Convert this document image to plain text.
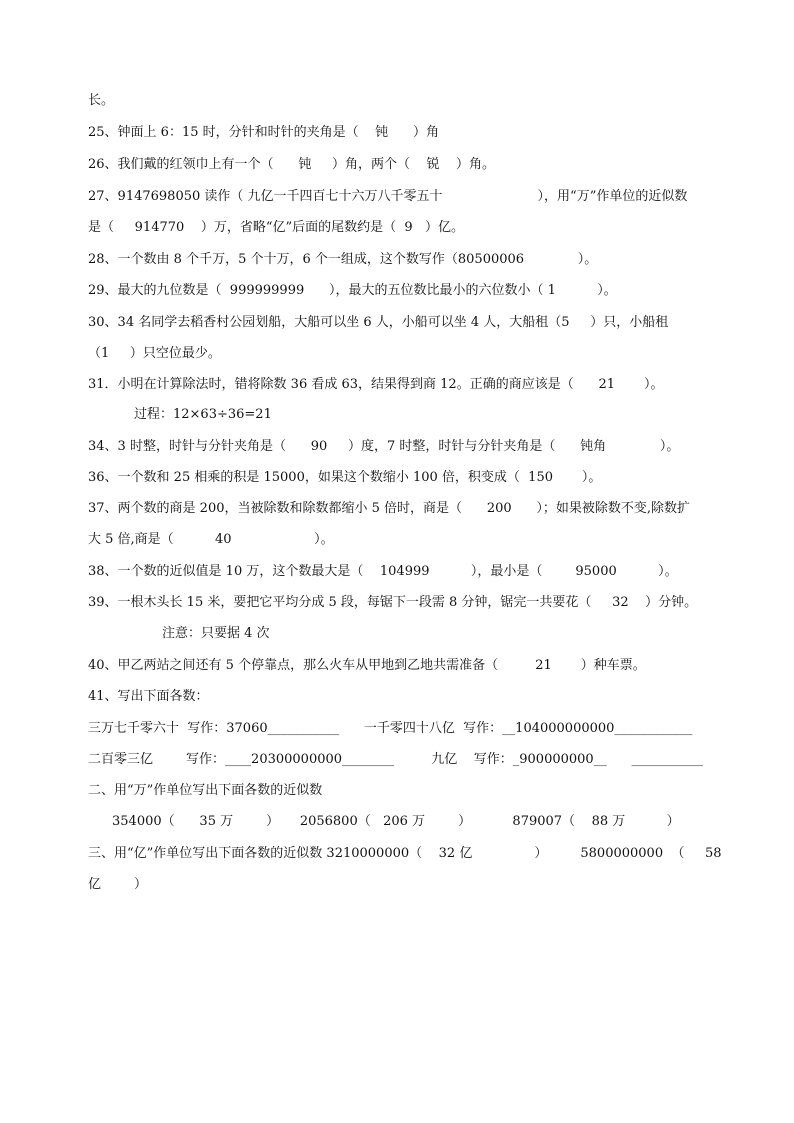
长。
25、钟面上 6：15 时，分针和时针的夹角是（    钝      ）角
26、我们戴的红领巾上有一个（      钝     ）角，两个（    锐    ）角。
27、9147698050 读作（ 九亿一千四百七十六万八千零五十                       ），用“万”作单位的近似数
是（     914770    ）万，省略“亿”后面的尾数约是（  9   ）亿。
28、一个数由 8 个千万，5 个十万，6 个一组成，这个数写作（80500006             ）。
29、最大的九位数是（  999999999      ），最大的五位数比最小的六位数小（ 1          ）。
30、34 名同学去稻香村公园划船，大船可以坐 6 人，小船可以坐 4 人，大船租（5     ）只，小船租
（1     ）只空位最少。
31．小明在计算除法时，错将除数 36 看成 63，结果得到商 12。正确的商应该是（      21       ）。
过程：12×63÷36=21
34、3 时整，时针与分针夹角是（      90     ）度，7 时整，时针与分针夹角是（      钝角             ）。
36、一个数和 25 相乘的积是 15000，如果这个数缩小 100 倍，积变成（  150       ）。
37、两个数的商是 200，当被除数和除数都缩小 5 倍时，商是（      200      ）；如果被除数不变,除数扩
大 5 倍,商是（          40                    ）。
38、一个数的近似值是 10 万，这个数最大是（    104999          ），最小是（        95000          ）。
39、一根木头长 15 米，要把它平均分成 5 段，每锯下一段需 8 分钟，锯完一共要花（     32    ）分钟。
注意：只要据 4 次
40、甲乙两站之间还有 5 个停靠点，那么火车从甲地到乙地共需准备（         21       ）种车票。
41、写出下面各数：
三万七千零六十  写作：37060___________      一千零四十八亿  写作：__104000000000____________
二百零三亿        写作：____20300000000________         九亿    写作：_900000000__      ___________
二、用“万”作单位写出下面各数的近似数
354000（      35 万        ）     2056800（   206 万        ）          879007（    88 万          ）
三、用“亿”作单位写出下面各数的近似数 3210000000（    32 亿               ）        5800000000  （     58
亿        ）
